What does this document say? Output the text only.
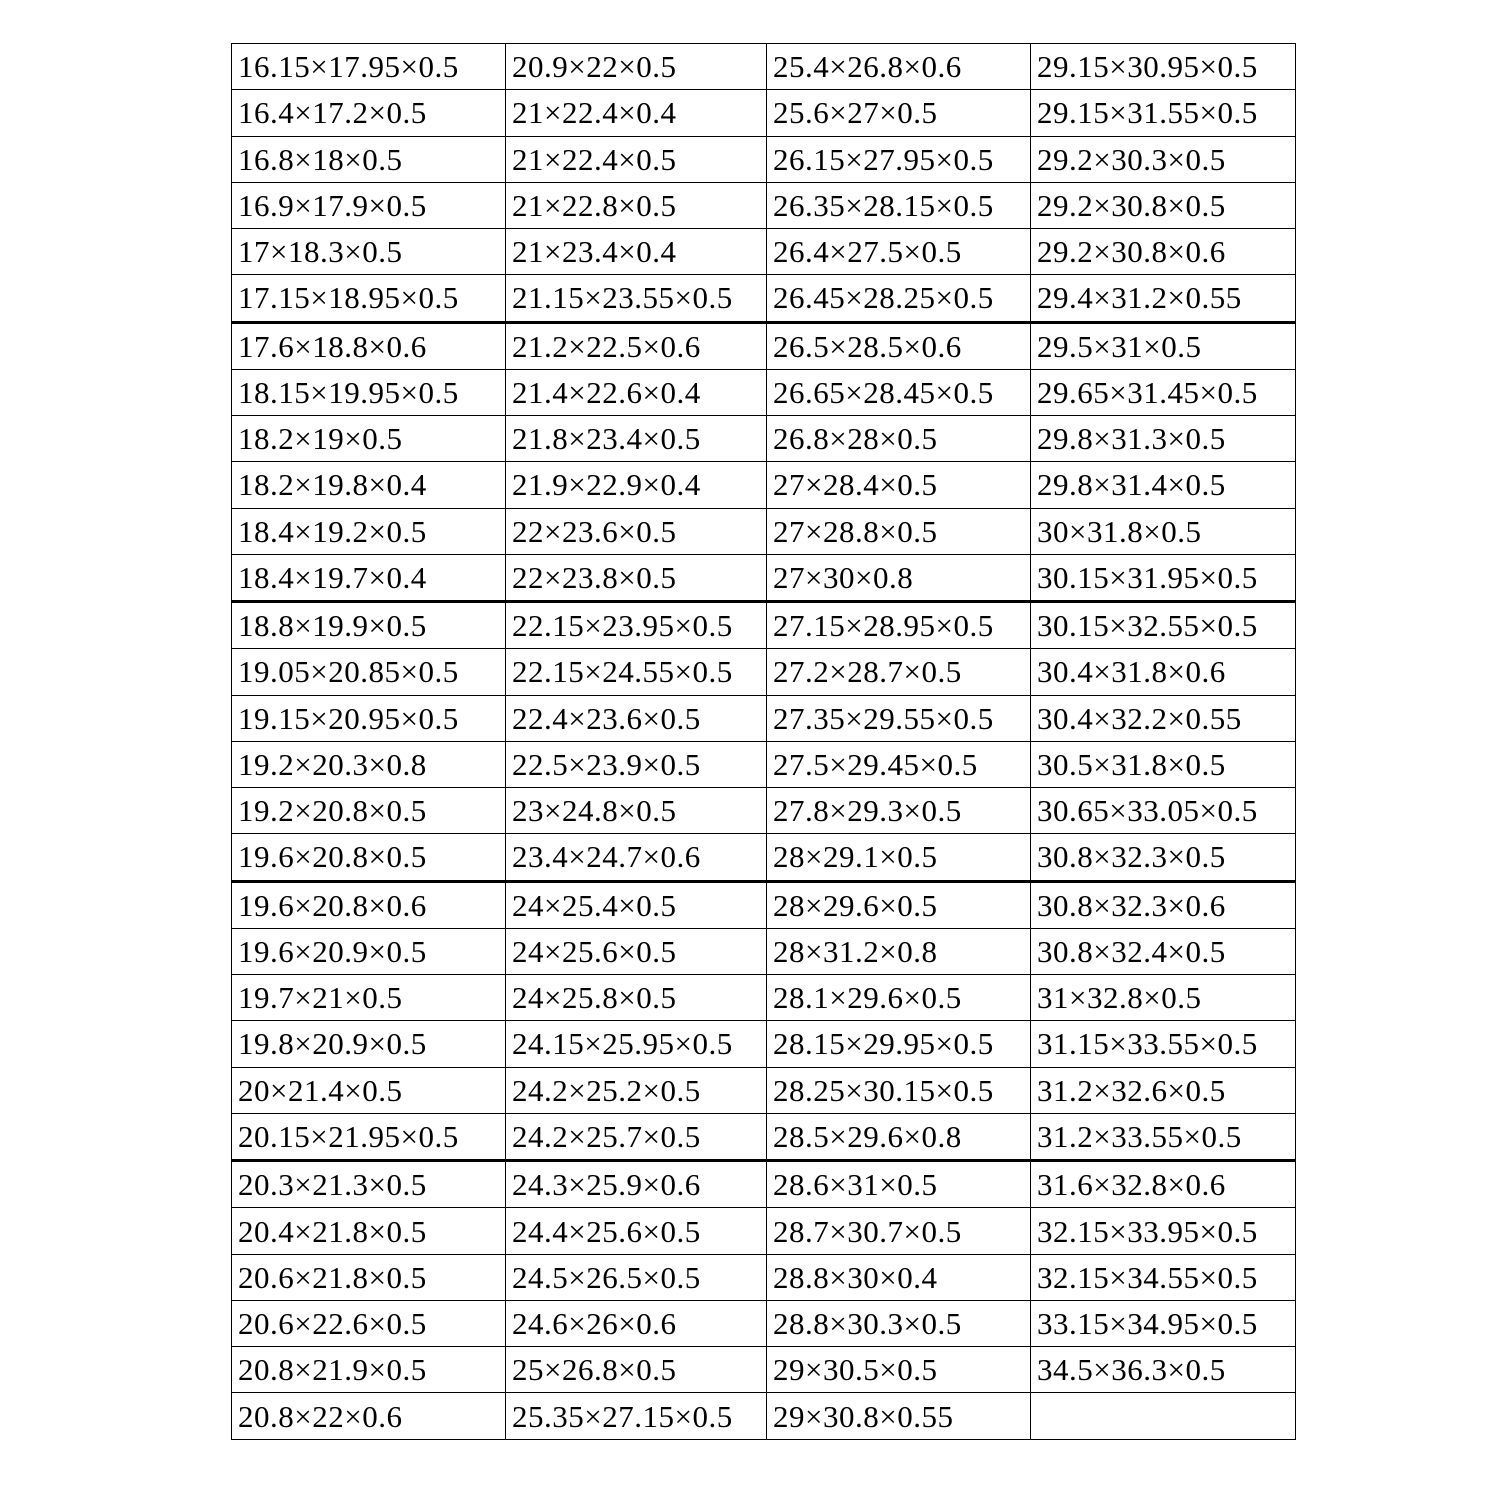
16.15×17.95×0.5	20.9×22×0.5	25.4×26.8×0.6	29.15×30.95×0.5
16.4×17.2×0.5	21×22.4×0.4	25.6×27×0.5	29.15×31.55×0.5
16.8×18×0.5	21×22.4×0.5	26.15×27.95×0.5	29.2×30.3×0.5
16.9×17.9×0.5	21×22.8×0.5	26.35×28.15×0.5	29.2×30.8×0.5
17×18.3×0.5	21×23.4×0.4	26.4×27.5×0.5	29.2×30.8×0.6
17.15×18.95×0.5	21.15×23.55×0.5	26.45×28.25×0.5	29.4×31.2×0.55
17.6×18.8×0.6	21.2×22.5×0.6	26.5×28.5×0.6	29.5×31×0.5
18.15×19.95×0.5	21.4×22.6×0.4	26.65×28.45×0.5	29.65×31.45×0.5
18.2×19×0.5	21.8×23.4×0.5	26.8×28×0.5	29.8×31.3×0.5
18.2×19.8×0.4	21.9×22.9×0.4	27×28.4×0.5	29.8×31.4×0.5
18.4×19.2×0.5	22×23.6×0.5	27×28.8×0.5	30×31.8×0.5
18.4×19.7×0.4	22×23.8×0.5	27×30×0.8	30.15×31.95×0.5
18.8×19.9×0.5	22.15×23.95×0.5	27.15×28.95×0.5	30.15×32.55×0.5
19.05×20.85×0.5	22.15×24.55×0.5	27.2×28.7×0.5	30.4×31.8×0.6
19.15×20.95×0.5	22.4×23.6×0.5	27.35×29.55×0.5	30.4×32.2×0.55
19.2×20.3×0.8	22.5×23.9×0.5	27.5×29.45×0.5	30.5×31.8×0.5
19.2×20.8×0.5	23×24.8×0.5	27.8×29.3×0.5	30.65×33.05×0.5
19.6×20.8×0.5	23.4×24.7×0.6	28×29.1×0.5	30.8×32.3×0.5
19.6×20.8×0.6	24×25.4×0.5	28×29.6×0.5	30.8×32.3×0.6
19.6×20.9×0.5	24×25.6×0.5	28×31.2×0.8	30.8×32.4×0.5
19.7×21×0.5	24×25.8×0.5	28.1×29.6×0.5	31×32.8×0.5
19.8×20.9×0.5	24.15×25.95×0.5	28.15×29.95×0.5	31.15×33.55×0.5
20×21.4×0.5	24.2×25.2×0.5	28.25×30.15×0.5	31.2×32.6×0.5
20.15×21.95×0.5	24.2×25.7×0.5	28.5×29.6×0.8	31.2×33.55×0.5
20.3×21.3×0.5	24.3×25.9×0.6	28.6×31×0.5	31.6×32.8×0.6
20.4×21.8×0.5	24.4×25.6×0.5	28.7×30.7×0.5	32.15×33.95×0.5
20.6×21.8×0.5	24.5×26.5×0.5	28.8×30×0.4	32.15×34.55×0.5
20.6×22.6×0.5	24.6×26×0.6	28.8×30.3×0.5	33.15×34.95×0.5
20.8×21.9×0.5	25×26.8×0.5	29×30.5×0.5	34.5×36.3×0.5
20.8×22×0.6	25.35×27.15×0.5	29×30.8×0.55	
